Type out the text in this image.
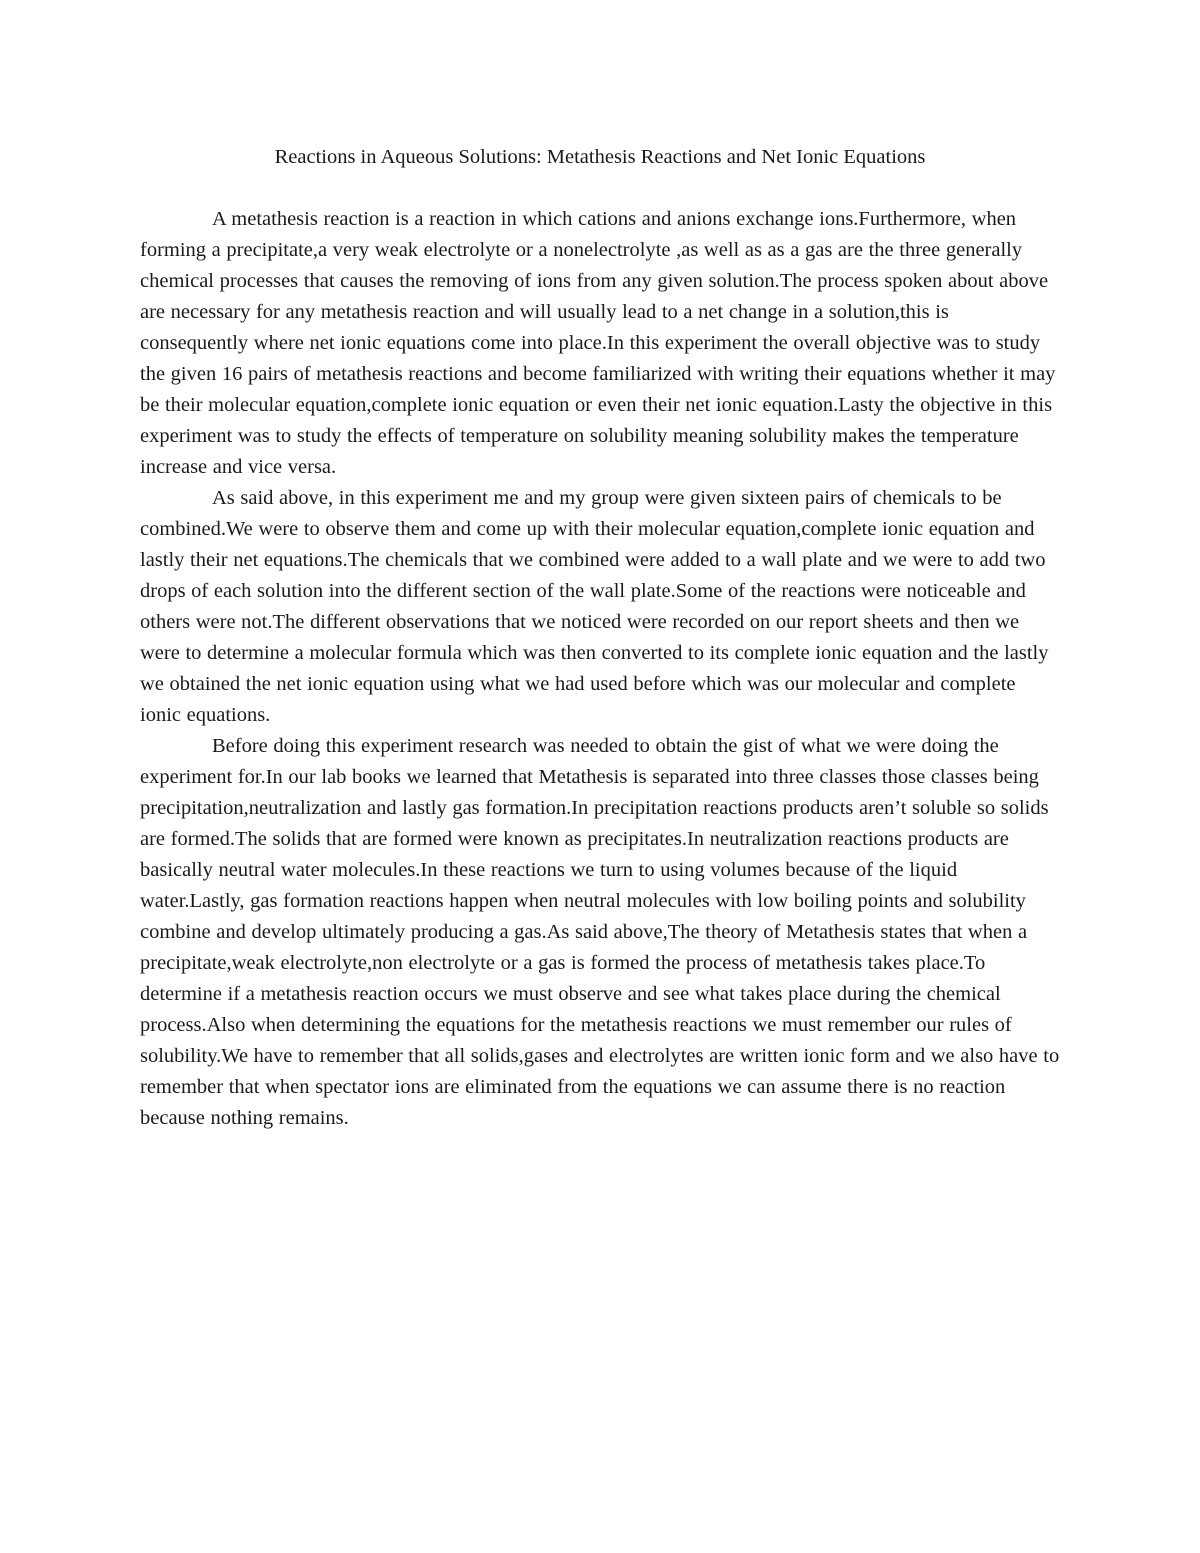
Reactions in Aqueous Solutions: Metathesis Reactions and Net Ionic Equations

A metathesis reaction is a reaction in which cations and anions exchange ions.Furthermore, when forming a precipitate,a very weak electrolyte or a nonelectrolyte ,as well as as a gas are the three generally chemical processes that causes the removing of ions from any given solution.The process spoken about above are necessary for any metathesis reaction and will usually lead to a net change in a solution,this is consequently where net ionic equations come into place.In this experiment the overall objective was to study the given 16 pairs of metathesis reactions and become familiarized with writing their equations whether it may be their molecular equation,complete ionic equation or even their net ionic equation.Lasty the objective in this experiment was to study the effects of temperature on solubility meaning solubility makes the temperature increase and vice versa.

As said above, in this experiment me and my group were given sixteen pairs of chemicals to be combined.We were to observe them and come up with their molecular equation,complete ionic equation and lastly their net equations.The chemicals that we combined were added to a wall plate and we were to add two drops of each solution into the different section of the wall plate.Some of the reactions were noticeable and others were not.The different observations that we noticed were recorded on our report sheets and then we were to determine a molecular formula which was then converted to its complete ionic equation and the lastly we obtained the net ionic equation using what we had used before which was our molecular and complete ionic equations.

Before doing this experiment research was needed to obtain the gist of what we were doing the experiment for.In our lab books we learned that Metathesis is separated into three classes those classes being precipitation,neutralization and lastly gas formation.In precipitation reactions products aren’t soluble so solids are formed.The solids that are formed were known as precipitates.In neutralization reactions products are basically neutral water molecules.In these reactions we turn to using volumes because of the liquid water.Lastly, gas formation reactions happen when neutral molecules with low boiling points and solubility combine and develop ultimately producing a gas.As said above,The theory of Metathesis states that when a precipitate,weak electrolyte,non electrolyte or a gas is formed the process of metathesis takes place.To determine if a metathesis reaction occurs we must observe and see what takes place during the chemical process.Also when determining the equations for the metathesis reactions we must remember our rules of solubility.We have to remember that all solids,gases and electrolytes are written ionic form and we also have to remember that when spectator ions are eliminated from the equations we can assume there is no reaction because nothing remains.
